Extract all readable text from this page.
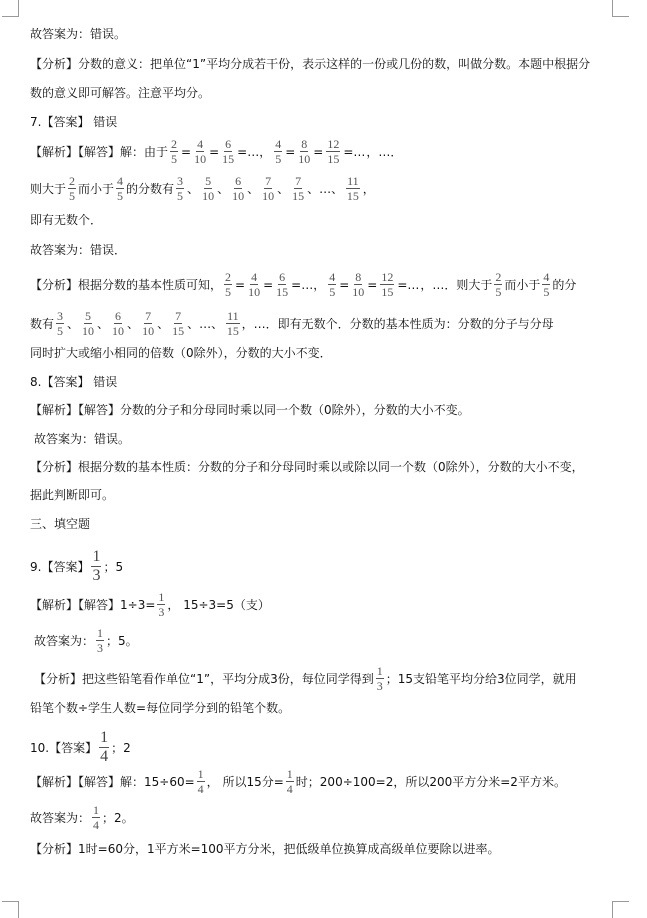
故答案为：错误。
【分析】分数的意义：把单位“1”平均分成若干份，表示这样的一份或几份的数，叫做分数。本题中根据分
数的意义即可解答。注意平均分。
7.【答案】 错误
【解析】【解答】解：由于 $\frac{2}{5} = \frac{4}{10} = \frac{6}{15}$ =…， $\frac{4}{5} = \frac{8}{10} = \frac{12}{15}$ =… ，…．
则大于 $\frac{2}{5}$ 而小于 $\frac{4}{5}$ 的分数有 $\frac{3}{5}$ 、 $\frac{5}{10}$ 、 $\frac{6}{10}$ 、 $\frac{7}{10}$ 、 $\frac{7}{15}$ 、…、 $\frac{11}{15}$ ，
即有无数个．
故答案为：错误．
【分析】根据分数的基本性质可知， $\frac{2}{5} = \frac{4}{10} = \frac{6}{15}$ =…， $\frac{4}{5} = \frac{8}{10} = \frac{12}{15}$ =… ，…．则大于 $\frac{2}{5}$ 而小于 $\frac{4}{5}$ 的分
数有 $\frac{3}{5}$ 、 $\frac{5}{10}$ 、 $\frac{6}{10}$ 、 $\frac{7}{10}$ 、 $\frac{7}{15}$ 、…、 $\frac{11}{15}$ ，…．即有无数个．分数的基本性质为：分数的分子与分母
同时扩大或缩小相同的倍数（0除外），分数的大小不变．
8.【答案】 错误
【解析】【解答】分数的分子和分母同时乘以同一个数（0除外），分数的大小不变。
故答案为：错误。
【分析】根据分数的基本性质：分数的分子和分母同时乘以或除以同一个数（0除外），分数的大小不变，
据此判断即可。
三、填空题
9.【答案】 $\frac{1}{3}$ ；5
【解析】【解答】$1\div 3= \frac{1}{3}$ ， 15÷3=5（支）
故答案为： $\frac{1}{3}$ ；5。
【分析】把这些铅笔看作单位“1”，平均分成3份，每位同学得到 $\frac{1}{3}$ ；15支铅笔平均分给3位同学，就用
铅笔个数÷学生人数=每位同学分到的铅笔个数。
10.【答案】 $\frac{1}{4}$ ；2
【解析】【解答】解：$15\div 60= \frac{1}{4}$ ， 所以15分= $\frac{1}{4}$ 时；200÷100=2，所以200平方分米=2平方米。
故答案为： $\frac{1}{4}$ ；2。
【分析】1时=60分，1平方米=100平方分米，把低级单位换算成高级单位要除以进率。
